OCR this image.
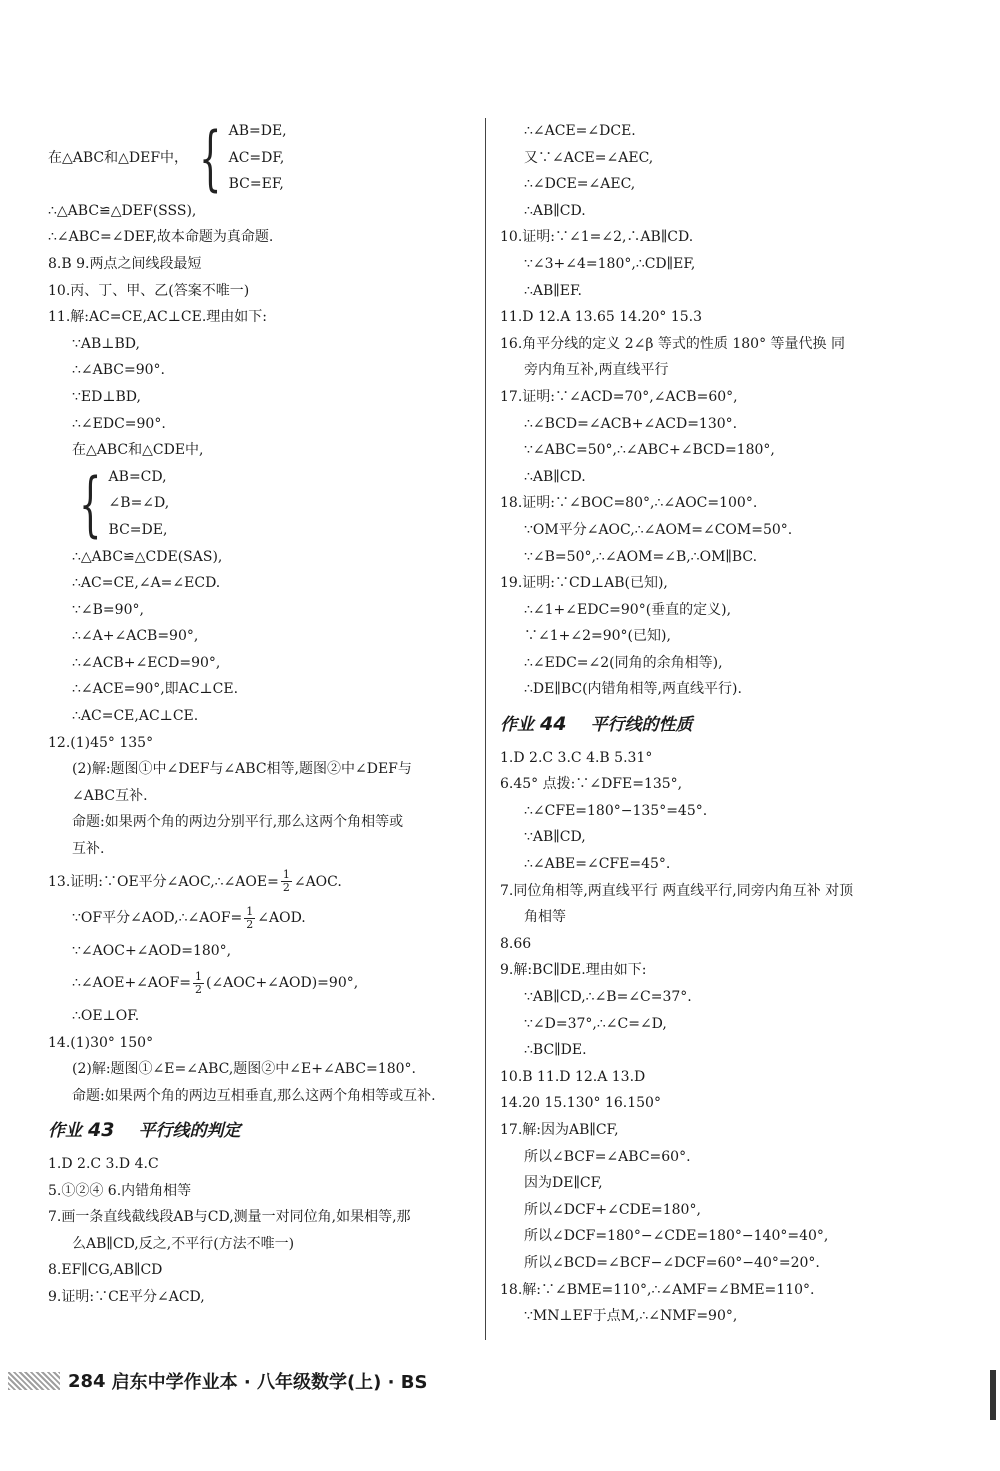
在△ABC和△DEF中， { AB=DE,
AC=DF,
BC=EF,
∴△ABC≌△DEF(SSS),
∴∠ABC=∠DEF,故本命题为真命题.
8.B 9.两点之间线段最短
10.丙、丁、甲、乙(答案不唯一)
11.解:AC=CE,AC⊥CE.理由如下:
∵AB⊥BD,
∴∠ABC=90°.
∵ED⊥BD,
∴∠EDC=90°.
在△ABC和△CDE中,
{ AB=CD,
∠B=∠D,
BC=DE,
∴△ABC≌△CDE(SAS),
∴AC=CE,∠A=∠ECD.
∵∠B=90°,
∴∠A+∠ACB=90°,
∴∠ACB+∠ECD=90°,
∴∠ACE=90°,即AC⊥CE.
∴AC=CE,AC⊥CE.
12.(1)45° 135°
(2)解:题图①中∠DEF与∠ABC相等,题图②中∠DEF与
∠ABC互补.
命题:如果两个角的两边分别平行,那么这两个角相等或
互补.
13.证明:∵OE平分∠AOC,∴∠AOE= $\frac{1}{2}$ ∠AOC.
∵OF平分∠AOD,∴∠AOF= $\frac{1}{2}$ ∠AOD.
∵∠AOC+∠AOD=180°,
∴∠AOE+∠AOF= $\frac{1}{2}$ (∠AOC+∠AOD)=90°,
∴OE⊥OF.
14.(1)30° 150°
(2)解:题图①∠E=∠ABC,题图②中∠E+∠ABC=180°.
命题:如果两个角的两边互相垂直,那么这两个角相等或互补.
作业 43 平行线的判定
1.D 2.C 3.D 4.C
5.①②④ 6.内错角相等
7.画一条直线截线段AB与CD,测量一对同位角,如果相等,那
么AB∥CD,反之,不平行(方法不唯一)
8.EF∥CG,AB∥CD
9.证明:∵CE平分∠ACD,
∴∠ACE=∠DCE.
又∵∠ACE=∠AEC,
∴∠DCE=∠AEC,
∴AB∥CD.
10.证明:∵∠1=∠2,∴AB∥CD.
∵∠3+∠4=180°,∴CD∥EF,
∴AB∥EF.
11.D 12.A 13.65 14.20° 15.3
16.角平分线的定义 2∠β 等式的性质 180° 等量代换 同
旁内角互补,两直线平行
17.证明:∵∠ACD=70°,∠ACB=60°,
∴∠BCD=∠ACB+∠ACD=130°.
∵∠ABC=50°,∴∠ABC+∠BCD=180°,
∴AB∥CD.
18.证明:∵∠BOC=80°,∴∠AOC=100°.
∵OM平分∠AOC,∴∠AOM=∠COM=50°.
∵∠B=50°,∴∠AOM=∠B,∴OM∥BC.
19.证明:∵CD⊥AB(已知),
∴∠1+∠EDC=90°(垂直的定义),
∵∠1+∠2=90°(已知),
∴∠EDC=∠2(同角的余角相等),
∴DE∥BC(内错角相等,两直线平行).
作业 44 平行线的性质
1.D 2.C 3.C 4.B 5.31°
6.45° 点拨:∵∠DFE=135°,
∴∠CFE=180°−135°=45°.
∵AB∥CD,
∴∠ABE=∠CFE=45°.
7.同位角相等,两直线平行 两直线平行,同旁内角互补 对顶
角相等
8.66
9.解:BC∥DE.理由如下:
∵AB∥CD,∴∠B=∠C=37°.
∵∠D=37°,∴∠C=∠D,
∴BC∥DE.
10.B 11.D 12.A 13.D
14.20 15.130° 16.150°
17.解:因为AB∥CF,
所以∠BCF=∠ABC=60°.
因为DE∥CF,
所以∠DCF+∠CDE=180°,
所以∠DCF=180°−∠CDE=180°−140°=40°,
所以∠BCD=∠BCF−∠DCF=60°−40°=20°.
18.解:∵∠BME=110°,∴∠AMF=∠BME=110°.
∵MN⊥EF于点M,∴∠NMF=90°,
284 启东中学作业本 · 八年级数学(上) · BS
